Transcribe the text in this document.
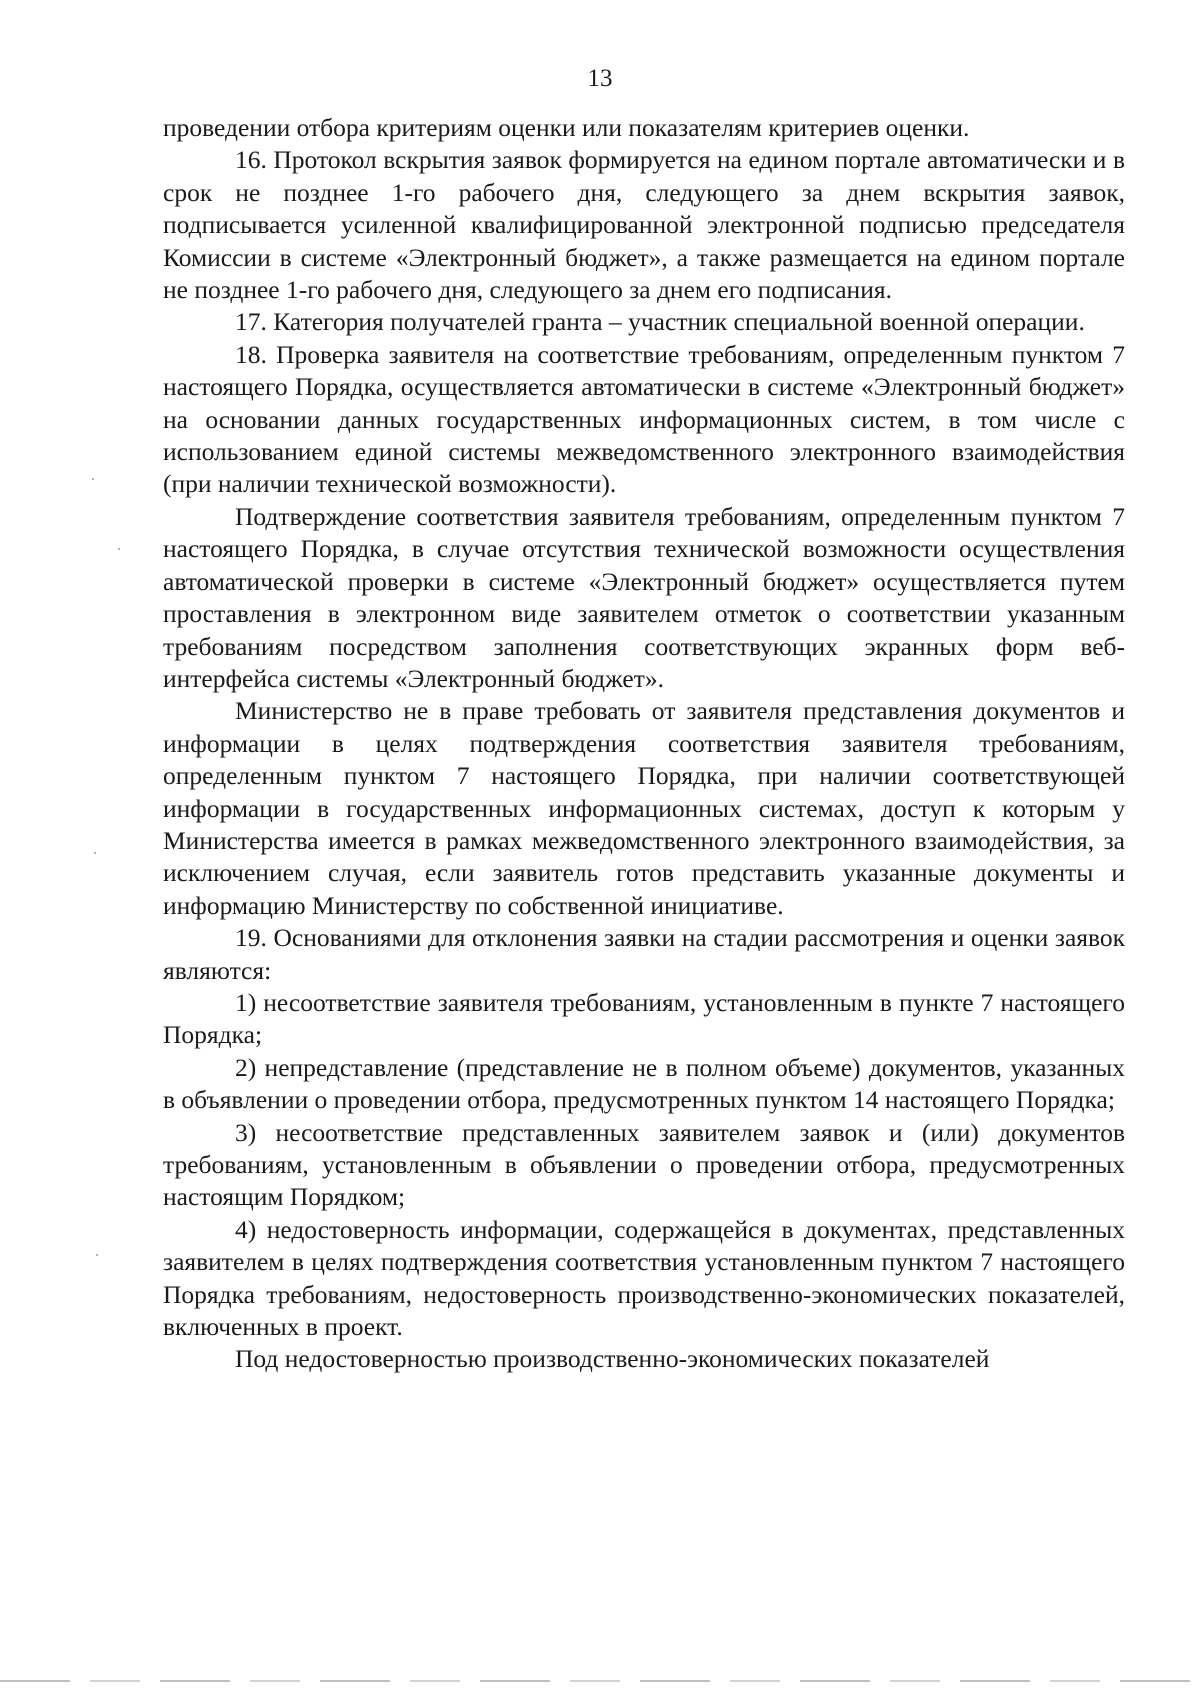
13

проведении отбора критериям оценки или показателям критериев оценки.

16. Протокол вскрытия заявок формируется на едином портале автоматически и в срок не позднее 1-го рабочего дня, следующего за днем вскрытия заявок, подписывается усиленной квалифицированной электронной подписью председателя Комиссии в системе «Электронный бюджет», а также размещается на едином портале не позднее 1-го рабочего дня, следующего за днем его подписания.

17. Категория получателей гранта – участник специальной военной операции.

18. Проверка заявителя на соответствие требованиям, определенным пунктом 7 настоящего Порядка, осуществляется автоматически в системе «Электронный бюджет» на основании данных государственных информационных систем, в том числе с использованием единой системы межведомственного электронного взаимодействия (при наличии технической возможности).

Подтверждение соответствия заявителя требованиям, определенным пунктом 7 настоящего Порядка, в случае отсутствия технической возможности осуществления автоматической проверки в системе «Электронный бюджет» осуществляется путем проставления в электронном виде заявителем отметок о соответствии указанным требованиям посредством заполнения соответствующих экранных форм веб-интерфейса системы «Электронный бюджет».

Министерство не в праве требовать от заявителя представления документов и информации в целях подтверждения соответствия заявителя требованиям, определенным пунктом 7 настоящего Порядка, при наличии соответствующей информации в государственных информационных системах, доступ к которым у Министерства имеется в рамках межведомственного электронного взаимодействия, за исключением случая, если заявитель готов представить указанные документы и информацию Министерству по собственной инициативе.

19. Основаниями для отклонения заявки на стадии рассмотрения и оценки заявок являются:

1) несоответствие заявителя требованиям, установленным в пункте 7 настоящего Порядка;

2) непредставление (представление не в полном объеме) документов, указанных в объявлении о проведении отбора, предусмотренных пунктом 14 настоящего Порядка;

3) несоответствие представленных заявителем заявок и (или) документов требованиям, установленным в объявлении о проведении отбора, предусмотренных настоящим Порядком;

4) недостоверность информации, содержащейся в документах, представленных заявителем в целях подтверждения соответствия установленным пунктом 7 настоящего Порядка требованиям, недостоверность производственно-экономических показателей, включенных в проект.

Под недостоверностью производственно-экономических показателей
